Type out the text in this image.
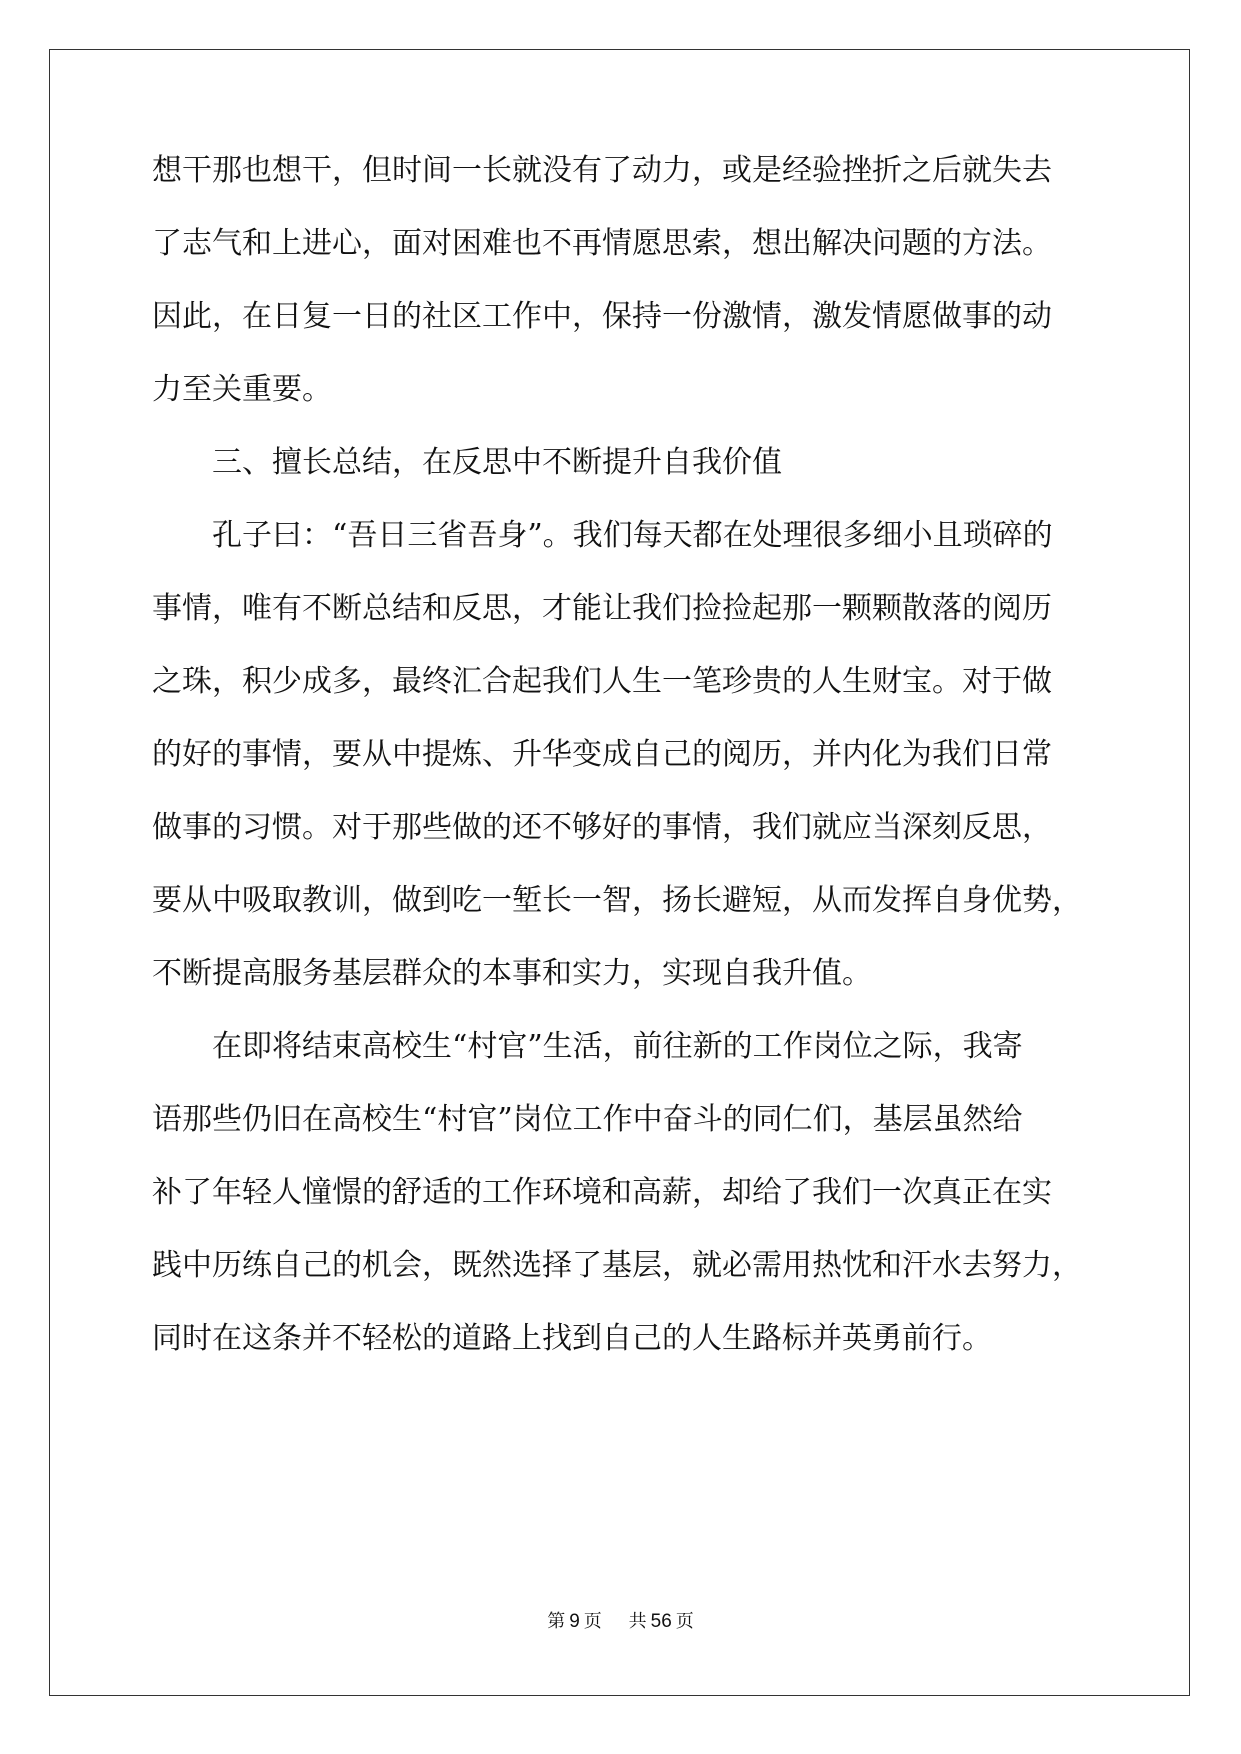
想干那也想干，但时间一长就没有了动力，或是经验挫折之后就失去
了志气和上进心，面对困难也不再情愿思索，想出解决问题的方法。
因此，在日复一日的社区工作中，保持一份激情，激发情愿做事的动
力至关重要。
三、擅长总结，在反思中不断提升自我价值
孔子曰：“吾日三省吾身”。我们每天都在处理很多细小且琐碎的
事情，唯有不断总结和反思，才能让我们捡捡起那一颗颗散落的阅历
之珠，积少成多，最终汇合起我们人生一笔珍贵的人生财宝。对于做
的好的事情，要从中提炼、升华变成自己的阅历，并内化为我们日常
做事的习惯。对于那些做的还不够好的事情，我们就应当深刻反思，
要从中吸取教训，做到吃一堑长一智，扬长避短，从而发挥自身优势，
不断提高服务基层群众的本事和实力，实现自我升值。
在即将结束高校生“村官”生活，前往新的工作岗位之际，我寄
语那些仍旧在高校生“村官”岗位工作中奋斗的同仁们，基层虽然给
补了年轻人憧憬的舒适的工作环境和高薪，却给了我们一次真正在实
践中历练自己的机会，既然选择了基层，就必需用热忱和汗水去努力，
同时在这条并不轻松的道路上找到自己的人生路标并英勇前行。
第 9 页 共 56 页
